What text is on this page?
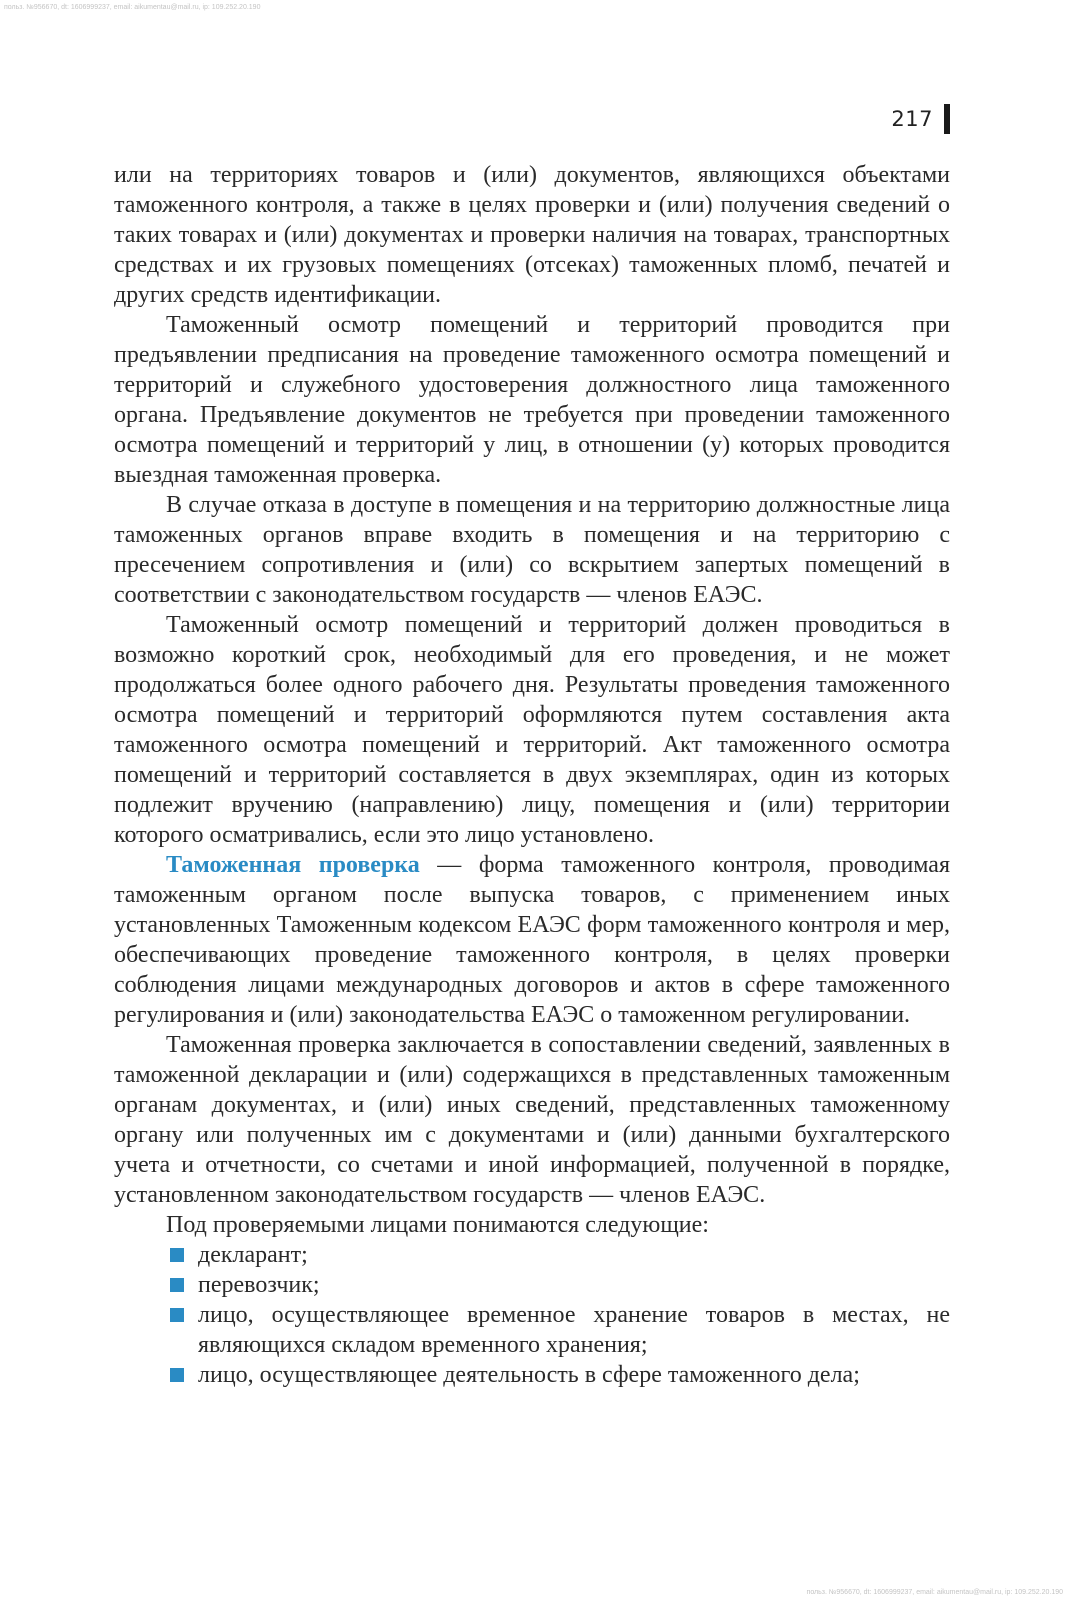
польз. №956670, dt: 1606999237, email: aikumentau@mail.ru, ip: 109.252.20.190
217

или на территориях товаров и (или) документов, являющихся объектами таможенного контроля, а также в целях проверки и (или) получения сведений о таких товарах и (или) документах и проверки наличия на товарах, транспортных средствах и их грузовых помещениях (отсеках) таможенных пломб, печатей и других средств идентификации.

Таможенный осмотр помещений и территорий проводится при предъявлении предписания на проведение таможенного осмотра помещений и территорий и служебного удостоверения должностного лица таможенного органа. Предъявление документов не требуется при проведении таможенного осмотра помещений и территорий у лиц, в отношении (у) которых проводится выездная таможенная проверка.

В случае отказа в доступе в помещения и на территорию должностные лица таможенных органов вправе входить в помещения и на территорию с пресечением сопротивления и (или) со вскрытием запертых помещений в соответствии с законодательством государств — членов ЕАЭС.

Таможенный осмотр помещений и территорий должен проводиться в возможно короткий срок, необходимый для его проведения, и не может продолжаться более одного рабочего дня. Результаты проведения таможенного осмотра помещений и территорий оформляются путем составления акта таможенного осмотра помещений и территорий. Акт таможенного осмотра помещений и территорий составляется в двух экземплярах, один из которых подлежит вручению (направлению) лицу, помещения и (или) территории которого осматривались, если это лицо установлено.

Таможенная проверка — форма таможенного контроля, проводимая таможенным органом после выпуска товаров, с применением иных установленных Таможенным кодексом ЕАЭС форм таможенного контроля и мер, обеспечивающих проведение таможенного контроля, в целях проверки соблюдения лицами международных договоров и актов в сфере таможенного регулирования и (или) законодательства ЕАЭС о таможенном регулировании.

Таможенная проверка заключается в сопоставлении сведений, заявленных в таможенной декларации и (или) содержащихся в представленных таможенным органам документах, и (или) иных сведений, представленных таможенному органу или полученных им с документами и (или) данными бухгалтерского учета и отчетности, со счетами и иной информацией, полученной в порядке, установленном законодательством государств — членов ЕАЭС.

Под проверяемыми лицами понимаются следующие:

декларант;
перевозчик;
лицо, осуществляющее временное хранение товаров в местах, не являющихся складом временного хранения;
лицо, осуществляющее деятельность в сфере таможенного дела;
польз. №956670, dt: 1606999237, email: aikumentau@mail.ru, ip: 109.252.20.190
